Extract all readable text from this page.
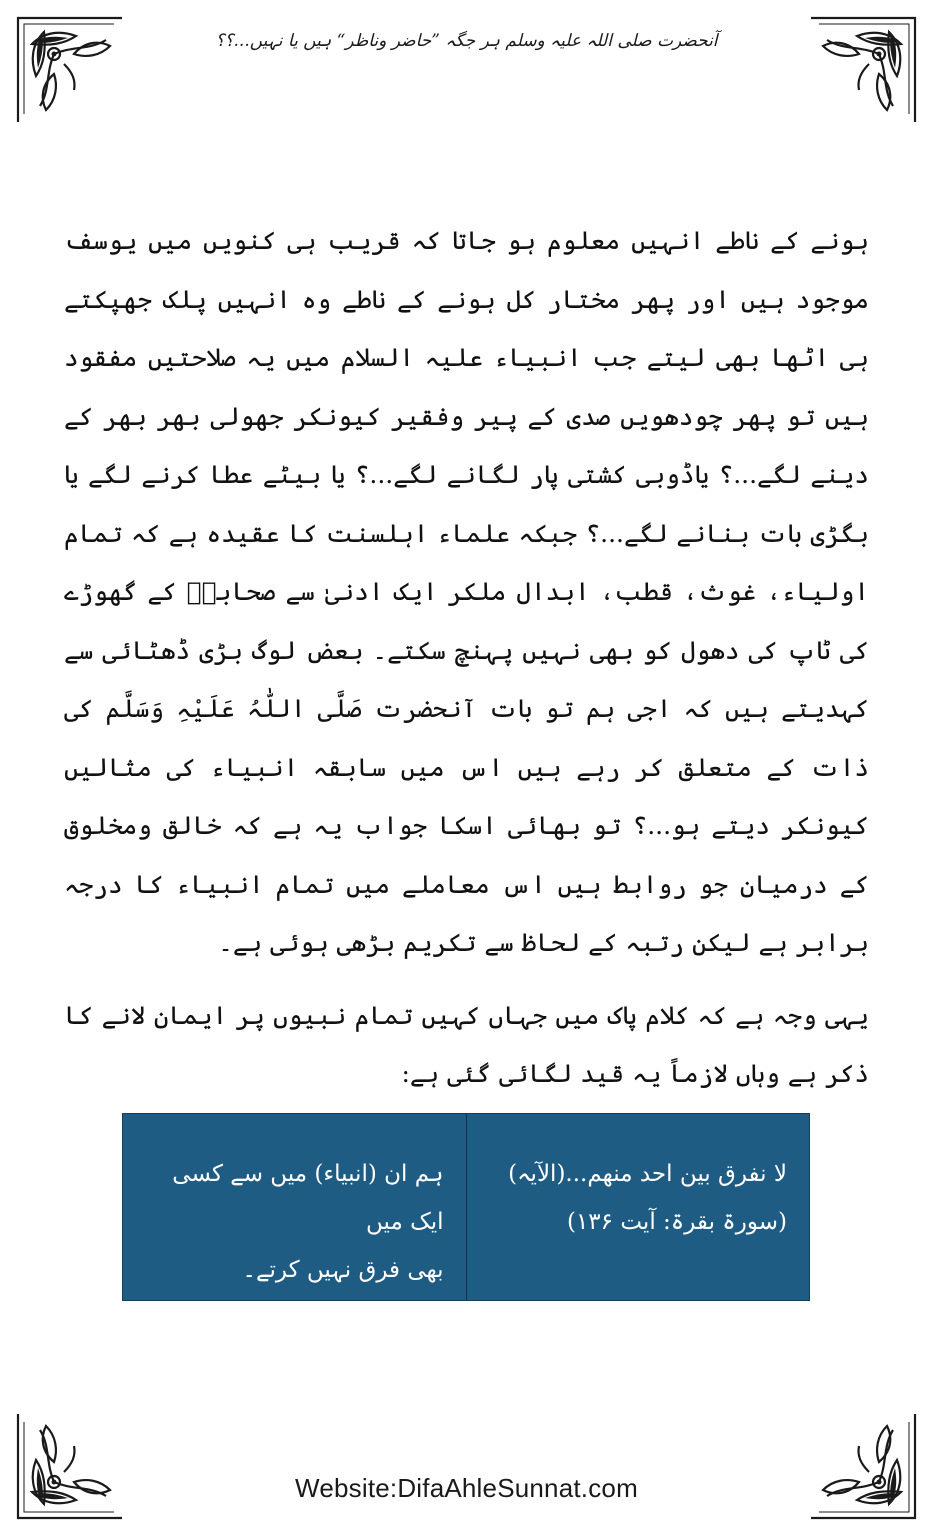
آنحضرت صلی اللہ علیہ وسلم ہر جگہ ”حاضر وناظر“ ہیں یا نہیں...؟؟

ہونے کے ناطے انہیں معلوم ہو جاتا کہ قریب ہی کنویں میں یوسف موجود ہیں اور پھر مختار کل ہونے کے ناطے وہ انہیں پلک جھپکتے ہی اٹھا بھی لیتے جب انبیاء علیہ السلام میں یہ صلاحتیں مفقود ہیں تو پھر چودھویں صدی کے پیر وفقیر کیونکر جھولی بھر بھر کے دینے لگے...؟ یاڈوبی کشتی پار لگانے لگے...؟ یا بیٹے عطا کرنے لگے یا بگڑی بات بنانے لگے...؟ جبکہ علماء اہلسنت کا عقیدہ ہے کہ تمام اولیاء، غوث، قطب، ابدال ملکر ایک ادنیٰ سے صحابیؓ کے گھوڑے کی ٹاپ کی دھول کو بھی نہیں پہنچ سکتے۔ بعض لوگ بڑی ڈھٹائی سے کہدیتے ہیں کہ اجی ہم تو بات آنحضرت صَلَّی اللّٰہُ عَلَیْہِ وَسَلَّم کی ذات کے متعلق کر رہے ہیں اس میں سابقہ انبیاء کی مثالیں کیونکر دیتے ہو...؟ تو بھائی اسکا جواب یہ ہے کہ خالق ومخلوق کے درمیان جو روابط ہیں اس معاملے میں تمام انبیاء کا درجہ برابر ہے لیکن رتبہ کے لحاظ سے تکریم بڑھی ہوئی ہے۔

یہی وجہ ہے کہ کلام پاک میں جہاں کہیں تمام نبیوں پر ایمان لانے کا ذکر ہے وہاں لازماً یہ قید لگائی گئی ہے:

لا نفرق بین احد منھم...(الآیہ)
(سورۃ بقرۃ: آیت ۱۳۶)
ہم ان (انبیاء) میں سے کسی ایک میں
بھی فرق نہیں کرتے۔
Website:DifaAhleSunnat.com
